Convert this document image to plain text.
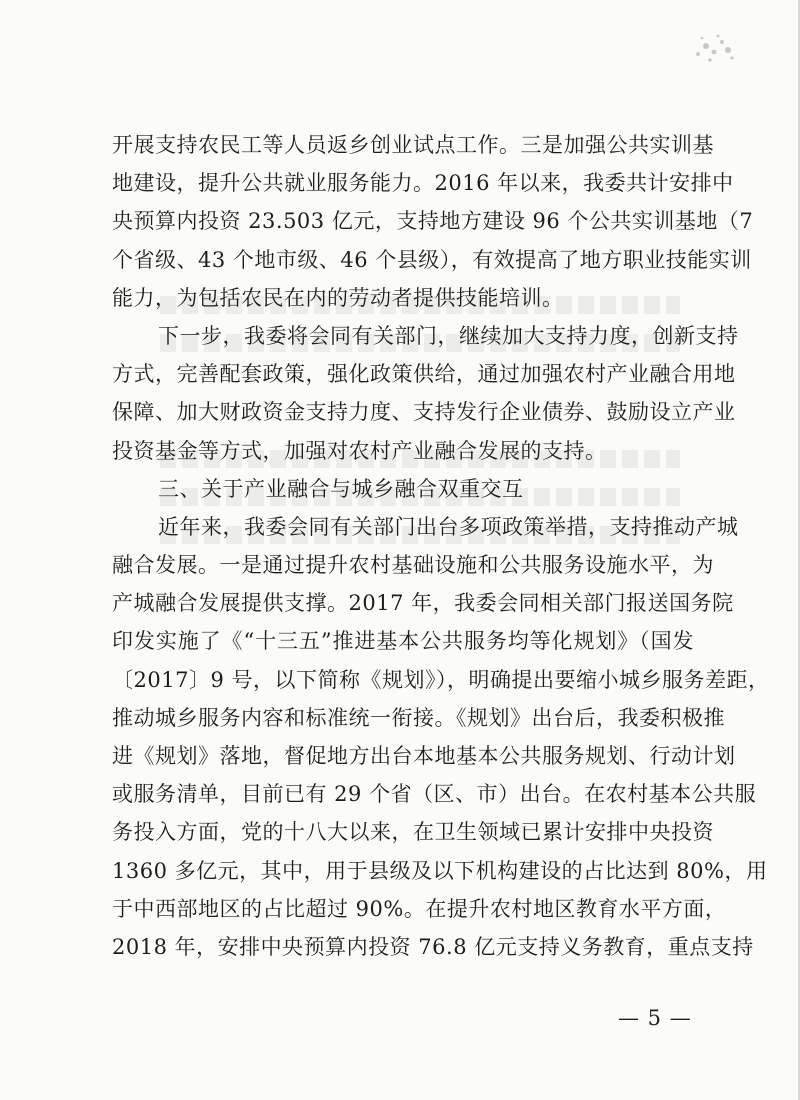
开展支持农民工等人员返乡创业试点工作。三是加强公共实训基
地建设，提升公共就业服务能力。2016 年以来，我委共计安排中
央预算内投资 23.503 亿元，支持地方建设 96 个公共实训基地（7
个省级、43 个地市级、46 个县级），有效提高了地方职业技能实训
能力，为包括农民在内的劳动者提供技能培训。
下一步，我委将会同有关部门，继续加大支持力度，创新支持
方式，完善配套政策，强化政策供给，通过加强农村产业融合用地
保障、加大财政资金支持力度、支持发行企业债券、鼓励设立产业
投资基金等方式，加强对农村产业融合发展的支持。
三、关于产业融合与城乡融合双重交互
近年来，我委会同有关部门出台多项政策举措，支持推动产城
融合发展。一是通过提升农村基础设施和公共服务设施水平，为
产城融合发展提供支撑。2017 年，我委会同相关部门报送国务院
印发实施了《“十三五”推进基本公共服务均等化规划》（国发
〔2017〕9 号，以下简称《规划》），明确提出要缩小城乡服务差距，
推动城乡服务内容和标准统一衔接。《规划》出台后，我委积极推
进《规划》落地，督促地方出台本地基本公共服务规划、行动计划
或服务清单，目前已有 29 个省（区、市）出台。在农村基本公共服
务投入方面，党的十八大以来，在卫生领域已累计安排中央投资
1360 多亿元，其中，用于县级及以下机构建设的占比达到 80%，用
于中西部地区的占比超过 90%。在提升农村地区教育水平方面，
2018 年，安排中央预算内投资 76.8 亿元支持义务教育，重点支持
— 5 —
